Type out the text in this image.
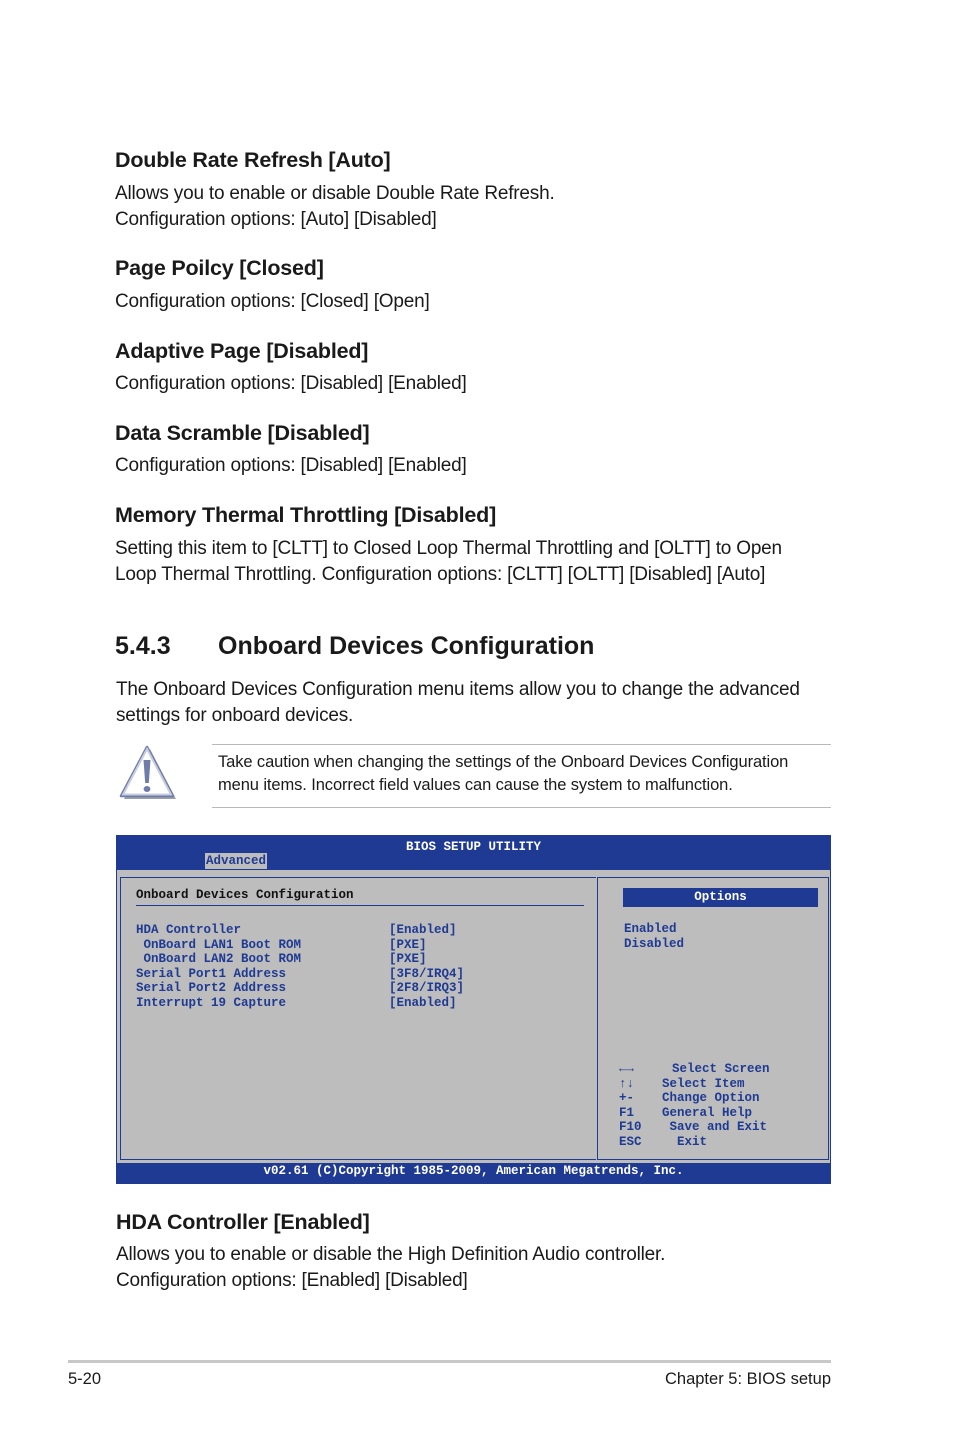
Double Rate Refresh [Auto]

Allows you to enable or disable Double Rate Refresh.

Configuration options: [Auto] [Disabled]

Page Poilcy [Closed]

Configuration options: [Closed] [Open]

Adaptive Page [Disabled]

Configuration options: [Disabled] [Enabled]

Data Scramble [Disabled]

Configuration options: [Disabled] [Enabled]

Memory Thermal Throttling [Disabled]

Setting this item to [CLTT] to Closed Loop Thermal Throttling and [OLTT] to Open

Loop Thermal Throttling. Configuration options: [CLTT] [OLTT] [Disabled] [Auto]

5.4.3 Onboard Devices Configuration

The Onboard Devices Configuration menu items allow you to change the advanced

settings for onboard devices.

Take caution when changing the settings of the Onboard Devices Configuration
menu items. Incorrect field values can cause the system to malfunction.
BIOS SETUP UTILITY
Advanced
Onboard Devices Configuration
HDA Controller	[Enabled]
OnBoard LAN1 Boot ROM	[PXE]
OnBoard LAN2 Boot ROM	[PXE]
Serial Port1 Address	[3F8/IRQ4]
Serial Port2 Address	[2F8/IRQ3]
Interrupt 19 Capture	[Enabled]
Options
Enabled
Disabled
←→ Select Screen
↑↓ Select Item
+- Change Option
F1 General Help
F10 Save and Exit
ESC Exit
v02.61 (C)Copyright 1985-2009, American Megatrends, Inc.
HDA Controller [Enabled]

Allows you to enable or disable the High Definition Audio controller.

Configuration options: [Enabled] [Disabled]

5-20	Chapter 5: BIOS setup
